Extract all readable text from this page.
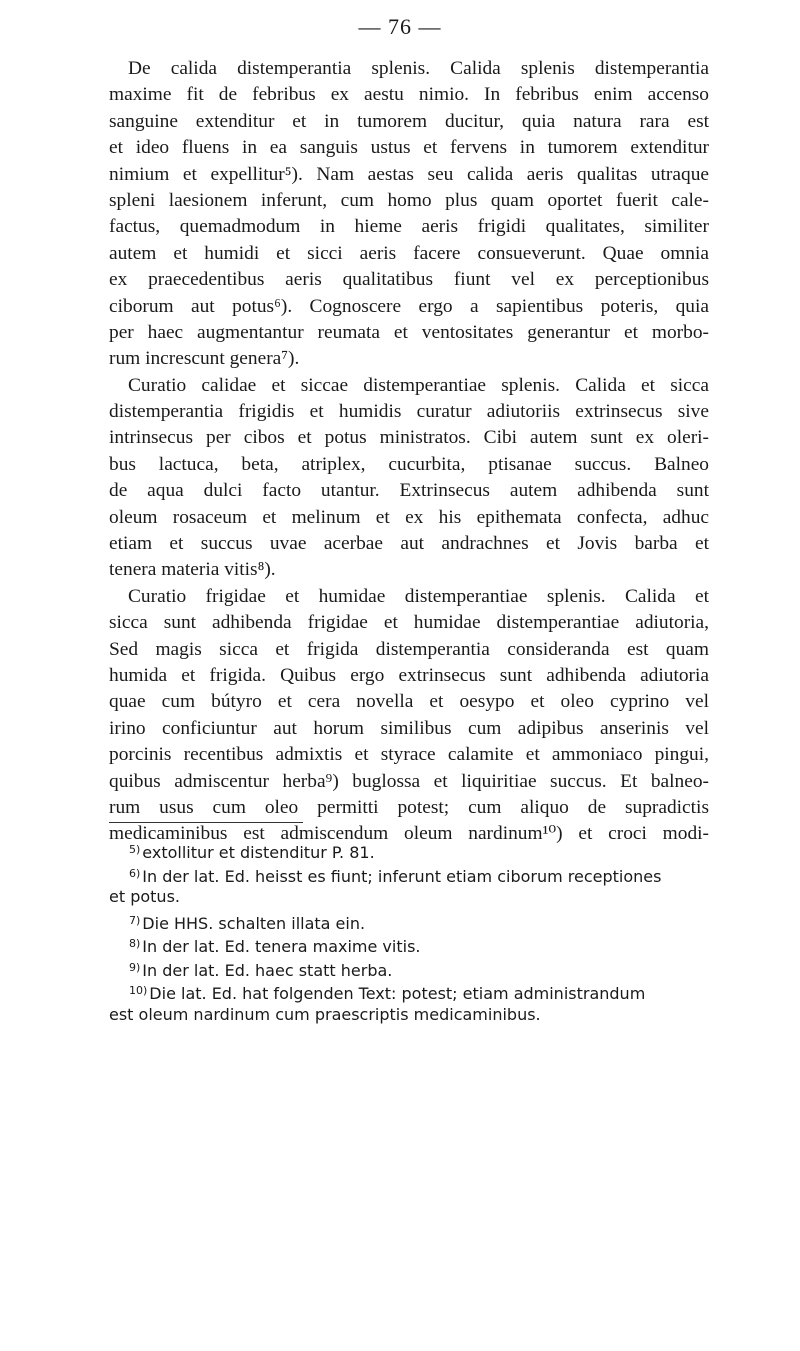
— 76 —
De calida distemperantia splenis. Calida splenis distemperantia
maxime fit de febribus ex aestu nimio. In febribus enim accenso
sanguine extenditur et in tumorem ducitur, quia natura rara est
et ideo fluens in ea sanguis ustus et fervens in tumorem extenditur
nimium et expellitur⁵). Nam aestas seu calida aeris qualitas utraque
spleni laesionem inferunt, cum homo plus quam oportet fuerit cale-
factus, quemadmodum in hieme aeris frigidi qualitates, similiter
autem et humidi et sicci aeris facere consueverunt. Quae omnia
ex praecedentibus aeris qualitatibus fiunt vel ex perceptionibus
ciborum aut potus⁶). Cognoscere ergo a sapientibus poteris, quia
per haec augmentantur reumata et ventositates generantur et morbo-
rum increscunt genera⁷).
Curatio calidae et siccae distemperantiae splenis. Calida et sicca
distemperantia frigidis et humidis curatur adiutoriis extrinsecus sive
intrinsecus per cibos et potus ministratos. Cibi autem sunt ex oleri-
bus lactuca, beta, atriplex, cucurbita, ptisanae succus. Balneo
de aqua dulci facto utantur. Extrinsecus autem adhibenda sunt
oleum rosaceum et melinum et ex his epithemata confecta, adhuc
etiam et succus uvae acerbae aut andrachnes et Jovis barba et
tenera materia vitis⁸).
Curatio frigidae et humidae distemperantiae splenis. Calida et
sicca sunt adhibenda frigidae et humidae distemperantiae adiutoria,
Sed magis sicca et frigida distemperantia consideranda est quam
humida et frigida. Quibus ergo extrinsecus sunt adhibenda adiutoria
quae cum bútyro et cera novella et oesypo et oleo cyprino vel
irino conficiuntur aut horum similibus cum adipibus anserinis vel
porcinis recentibus admixtis et styrace calamite et ammoniaco pingui,
quibus admiscentur herba⁹) buglossa et liquiritiae succus. Et balneo-
rum usus cum oleo permitti potest; cum aliquo de supradictis
medicaminibus est admiscendum oleum nardinum¹⁰) et croci modi-
$^{5)}$ extollitur et distenditur P. 81.
$^{6)}$ In der lat. Ed. heisst es fiunt; inferunt etiam ciborum receptiones
et potus.
$^{7)}$ Die HHS. schalten illata ein.
$^{8)}$ In der lat. Ed. tenera maxime vitis.
$^{9)}$ In der lat. Ed. haec statt herba.
$^{10)}$ Die lat. Ed. hat folgenden Text: potest; etiam administrandum
est oleum nardinum cum praescriptis medicaminibus.
